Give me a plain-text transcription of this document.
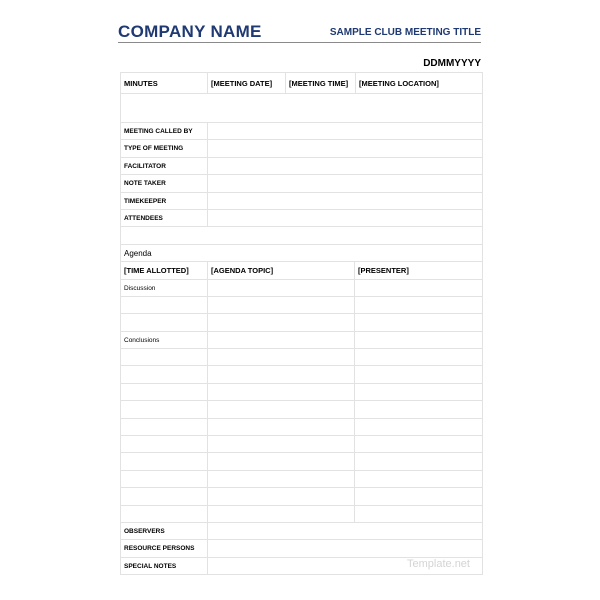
COMPANY NAME	SAMPLE CLUB MEETING TITLE
DDMMYYYY
MINUTES	[MEETING DATE]	[MEETING TIME]	[MEETING LOCATION]
MEETING CALLED BY
TYPE OF MEETING
FACILITATOR
NOTE TAKER
TIMEKEEPER
ATTENDEES
Agenda
[TIME ALLOTTED]	[AGENDA TOPIC]	[PRESENTER]
Discussion
Conclusions
OBSERVERS
RESOURCE PERSONS
SPECIAL NOTES	Template.net
